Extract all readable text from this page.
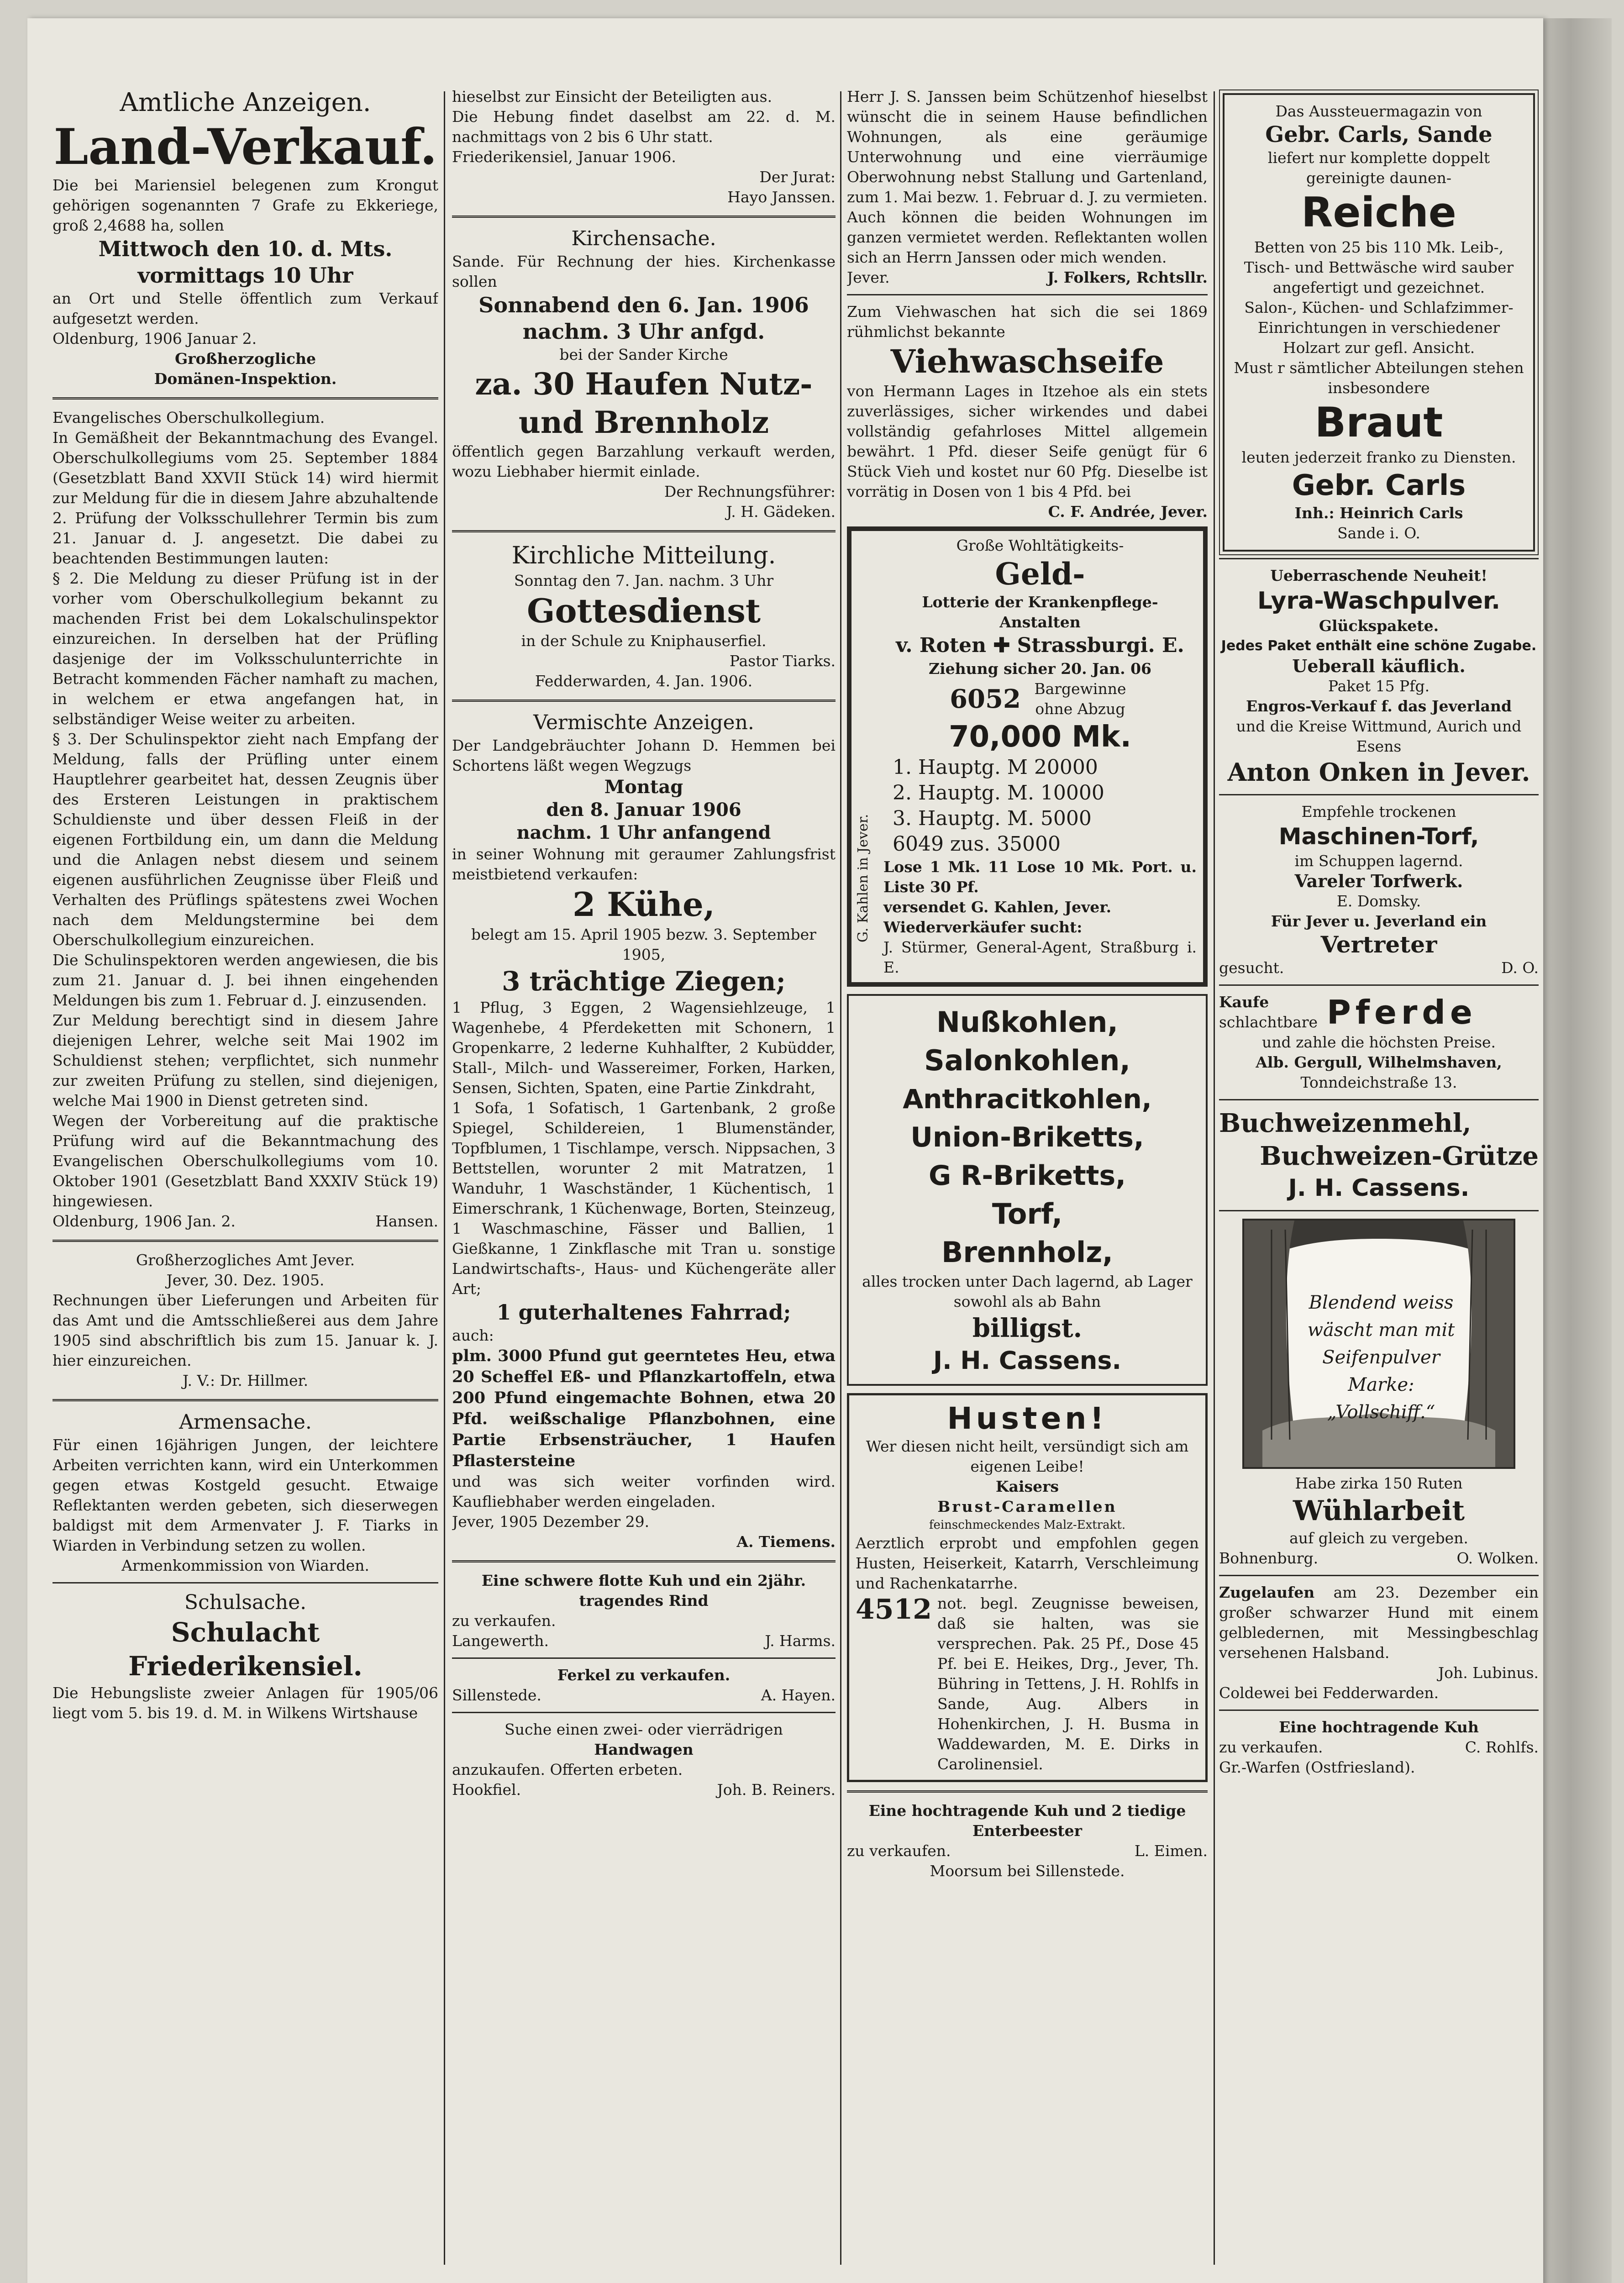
Amtliche Anzeigen.

Land-Verkauf.

Die bei Mariensiel belegenen zum Krongut gehörigen sogenannten 7 Grafe zu Ekkeriege, groß 2,4688 ha, sollen

Mittwoch den 10. d. Mts.

vormittags 10 Uhr

an Ort und Stelle öffentlich zum Verkauf aufgesetzt werden.

Oldenburg, 1906 Januar 2.

Großherzogliche

Domänen-Inspektion.

Evangelisches Oberschulkollegium.

In Gemäßheit der Bekanntmachung des Evangel. Oberschulkollegiums vom 25. September 1884 (Gesetzblatt Band XXVII Stück 14) wird hiermit zur Meldung für die in diesem Jahre abzuhaltende 2. Prüfung der Volksschullehrer Termin bis zum 21. Januar d. J. angesetzt. Die dabei zu beachtenden Bestimmungen lauten:

§ 2. Die Meldung zu dieser Prüfung ist in der vorher vom Oberschulkollegium bekannt zu machenden Frist bei dem Lokalschulinspektor einzureichen. In derselben hat der Prüfling dasjenige der im Volksschulunterrichte in Betracht kommenden Fächer namhaft zu machen, in welchem er etwa angefangen hat, in selbständiger Weise weiter zu arbeiten.

§ 3. Der Schulinspektor zieht nach Empfang der Meldung, falls der Prüfling unter einem Hauptlehrer gearbeitet hat, dessen Zeugnis über des Ersteren Leistungen in praktischem Schuldienste und über dessen Fleiß in der eigenen Fortbildung ein, um dann die Meldung und die Anlagen nebst diesem und seinem eigenen ausführlichen Zeugnisse über Fleiß und Verhalten des Prüflings spätestens zwei Wochen nach dem Meldungstermine bei dem Oberschulkollegium einzureichen.

Die Schulinspektoren werden angewiesen, die bis zum 21. Januar d. J. bei ihnen eingehenden Meldungen bis zum 1. Februar d. J. einzusenden.

Zur Meldung berechtigt sind in diesem Jahre diejenigen Lehrer, welche seit Mai 1902 im Schuldienst stehen; verpflichtet, sich nunmehr zur zweiten Prüfung zu stellen, sind diejenigen, welche Mai 1900 in Dienst getreten sind.

Wegen der Vorbereitung auf die praktische Prüfung wird auf die Bekanntmachung des Evangelischen Oberschulkollegiums vom 10. Oktober 1901 (Gesetzblatt Band XXXIV Stück 19) hingewiesen.

Oldenburg, 1906 Jan. 2.	Hansen.

Großherzogliches Amt Jever.

Jever, 30. Dez. 1905.

Rechnungen über Lieferungen und Arbeiten für das Amt und die Amtsschließerei aus dem Jahre 1905 sind abschriftlich bis zum 15. Januar k. J. hier einzureichen.

J. V.: Dr. Hillmer.

Armensache.

Für einen 16jährigen Jungen, der leichtere Arbeiten verrichten kann, wird ein Unterkommen gegen etwas Kostgeld gesucht. Etwaige Reflektanten werden gebeten, sich dieserwegen baldigst mit dem Armenvater J. F. Tiarks in Wiarden in Verbindung setzen zu wollen.

Armenkommission von Wiarden.

Schulsache.

Schulacht Friederikensiel.

Die Hebungsliste zweier Anlagen für 1905/06 liegt vom 5. bis 19. d. M. in Wilkens Wirtshause

hieselbst zur Einsicht der Beteiligten aus.

Die Hebung findet daselbst am 22. d. M. nachmittags von 2 bis 6 Uhr statt.

Friederikensiel, Januar 1906.

Der Jurat:

Hayo Janssen.

Kirchensache.

Sande. Für Rechnung der hies. Kirchenkasse sollen

Sonnabend den 6. Jan. 1906

nachm. 3 Uhr anfgd.

bei der Sander Kirche

za. 30 Haufen Nutz- und Brennholz

öffentlich gegen Barzahlung verkauft werden, wozu Liebhaber hiermit einlade.

Der Rechnungsführer:

J. H. Gädeken.

Kirchliche Mitteilung.

Sonntag den 7. Jan. nachm. 3 Uhr

Gottesdienst

in der Schule zu Kniphauserfiel.

Pastor Tiarks.

Fedderwarden, 4. Jan. 1906.

Vermischte Anzeigen.

Der Landgebräuchter Johann D. Hemmen bei Schortens läßt wegen Wegzugs

Montag

den 8. Januar 1906

nachm. 1 Uhr anfangend

in seiner Wohnung mit geraumer Zahlungsfrist meistbietend verkaufen:

2 Kühe,

belegt am 15. April 1905 bezw. 3. September 1905,

3 trächtige Ziegen;

1 Pflug, 3 Eggen, 2 Wagensiehlzeuge, 1 Wagenhebe, 4 Pferdeketten mit Schonern, 1 Gropenkarre, 2 lederne Kuhhalfter, 2 Kubüdder, Stall-, Milch- und Wassereimer, Forken, Harken, Sensen, Sichten, Spaten, eine Partie Zinkdraht,

1 Sofa, 1 Sofatisch, 1 Gartenbank, 2 große Spiegel, Schildereien, 1 Blumenständer, Topfblumen, 1 Tischlampe, versch. Nippsachen, 3 Bettstellen, worunter 2 mit Matratzen, 1 Wanduhr, 1 Waschständer, 1 Küchentisch, 1 Eimerschrank, 1 Küchenwage, Borten, Steinzeug, 1 Waschmaschine, Fässer und Ballien, 1 Gießkanne, 1 Zinkflasche mit Tran u. sonstige Landwirtschafts-, Haus- und Küchengeräte aller Art;

1 guterhaltenes Fahrrad;

auch:

plm. 3000 Pfund gut geerntetes Heu, etwa 20 Scheffel Eß- und Pflanzkartoffeln, etwa 200 Pfund eingemachte Bohnen, etwa 20 Pfd. weißschalige Pflanzbohnen, eine Partie Erbsensträucher, 1 Haufen Pflastersteine

und was sich weiter vorfinden wird. Kaufliebhaber werden eingeladen.

Jever, 1905 Dezember 29.

A. Tiemens.

Eine schwere flotte Kuh und ein 2jähr. tragendes Rind

zu verkaufen.

Langewerth.	J. Harms.

Ferkel zu verkaufen.

Sillenstede.	A. Hayen.

Suche einen zwei- oder vierrädrigen

Handwagen

anzukaufen. Offerten erbeten.

Hookfiel.	Joh. B. Reiners.

Herr J. S. Janssen beim Schützenhof hieselbst wünscht die in seinem Hause befindlichen Wohnungen, als eine geräumige Unterwohnung und eine vierräumige Oberwohnung nebst Stallung und Gartenland, zum 1. Mai bezw. 1. Februar d. J. zu vermieten. Auch können die beiden Wohnungen im ganzen vermietet werden. Reflektanten wollen sich an Herrn Janssen oder mich wenden.

Jever.	J. Folkers, Rchtsllr.

Zum Viehwaschen hat sich die sei 1869 rühmlichst bekannte

Viehwaschseife

von Hermann Lages in Itzehoe als ein stets zuverlässiges, sicher wirkendes und dabei vollständig gefahrloses Mittel allgemein bewährt. 1 Pfd. dieser Seife genügt für 6 Stück Vieh und kostet nur 60 Pfg. Dieselbe ist vorrätig in Dosen von 1 bis 4 Pfd. bei

C. F. Andrée, Jever.

G. Kahlen in Jever.

Große Wohltätigkeits-

Geld-

Lotterie der Krankenpflege-Anstalten

v. Roten ✚ Strassburgi. E.

Ziehung sicher 20. Jan. 06

6052 Bargewinne ohne Abzug

70,000 Mk.

1. Hauptg. M 20000

2. Hauptg. M. 10000

3. Hauptg. M. 5000

6049 zus. 35000

Lose 1 Mk. 11 Lose 10 Mk. Port. u. Liste 30 Pf.

versendet G. Kahlen, Jever.

Wiederverkäufer sucht:

J. Stürmer, General-Agent, Straßburg i. E.

Nußkohlen,

Salonkohlen,

Anthracitkohlen,

Union-Briketts,

G R-Briketts,

Torf,

Brennholz,

alles trocken unter Dach lagernd, ab Lager sowohl als ab Bahn

billigst.

J. H. Cassens.

Husten!

Wer diesen nicht heilt, versündigt sich am eigenen Leibe!

Kaisers

Brust-Caramellen

feinschmeckendes Malz-Extrakt.

Aerztlich erprobt und empfohlen gegen Husten, Heiserkeit, Katarrh, Verschleimung und Rachenkatarrhe.

4512 not. begl. Zeugnisse beweisen, daß sie halten, was sie versprechen. Pak. 25 Pf., Dose 45 Pf. bei E. Heikes, Drg., Jever, Th. Bühring in Tettens, J. H. Rohlfs in Sande, Aug. Albers in Hohenkirchen, J. H. Busma in Waddewarden, M. E. Dirks in Carolinensiel.

Eine hochtragende Kuh und 2 tiedige Enterbeester

zu verkaufen.	L. Eimen.

Moorsum bei Sillenstede.

Das Aussteuermagazin von

Gebr. Carls, Sande

liefert nur komplette doppelt gereinigte daunen-

Reiche

Betten von 25 bis 110 Mk. Leib-, Tisch- und Bettwäsche wird sauber angefertigt und gezeichnet.

Salon-, Küchen- und Schlafzimmer-Einrichtungen in verschiedener Holzart zur gefl. Ansicht.

Must r sämtlicher Abteilungen stehen insbesondere

Braut

leuten jederzeit franko zu Diensten.

Gebr. Carls

Inh.: Heinrich Carls

Sande i. O.

Ueberraschende Neuheit!

Lyra-Waschpulver.

Glückspakete.

Jedes Paket enthält eine schöne Zugabe.

Ueberall käuflich.

Paket 15 Pfg.

Engros-Verkauf f. das Jeverland

und die Kreise Wittmund, Aurich und Esens

Anton Onken in Jever.

Empfehle trockenen

Maschinen-Torf,

im Schuppen lagernd.

Vareler Torfwerk.

E. Domsky.

Für Jever u. Jeverland ein

Vertreter

gesucht.	D. O.

Kaufe

schlachtbare Pferde

und zahle die höchsten Preise.

Alb. Gergull, Wilhelmshaven,

Tonndeichstraße 13.

Buchweizenmehl,

Buchweizen-Grütze

J. H. Cassens.

Blendend weiss
wäscht man mit
Seifenpulver
Marke:
„Vollschiff.“

Habe zirka 150 Ruten

Wühlarbeit

auf gleich zu vergeben.

Bohnenburg.	O. Wolken.

Zugelaufen am 23. Dezember ein großer schwarzer Hund mit einem gelbledernen, mit Messingbeschlag versehenen Halsband.

Joh. Lubinus.

Coldewei bei Fedderwarden.

Eine hochtragende Kuh

zu verkaufen.	C. Rohlfs.

Gr.-Warfen (Ostfriesland).
